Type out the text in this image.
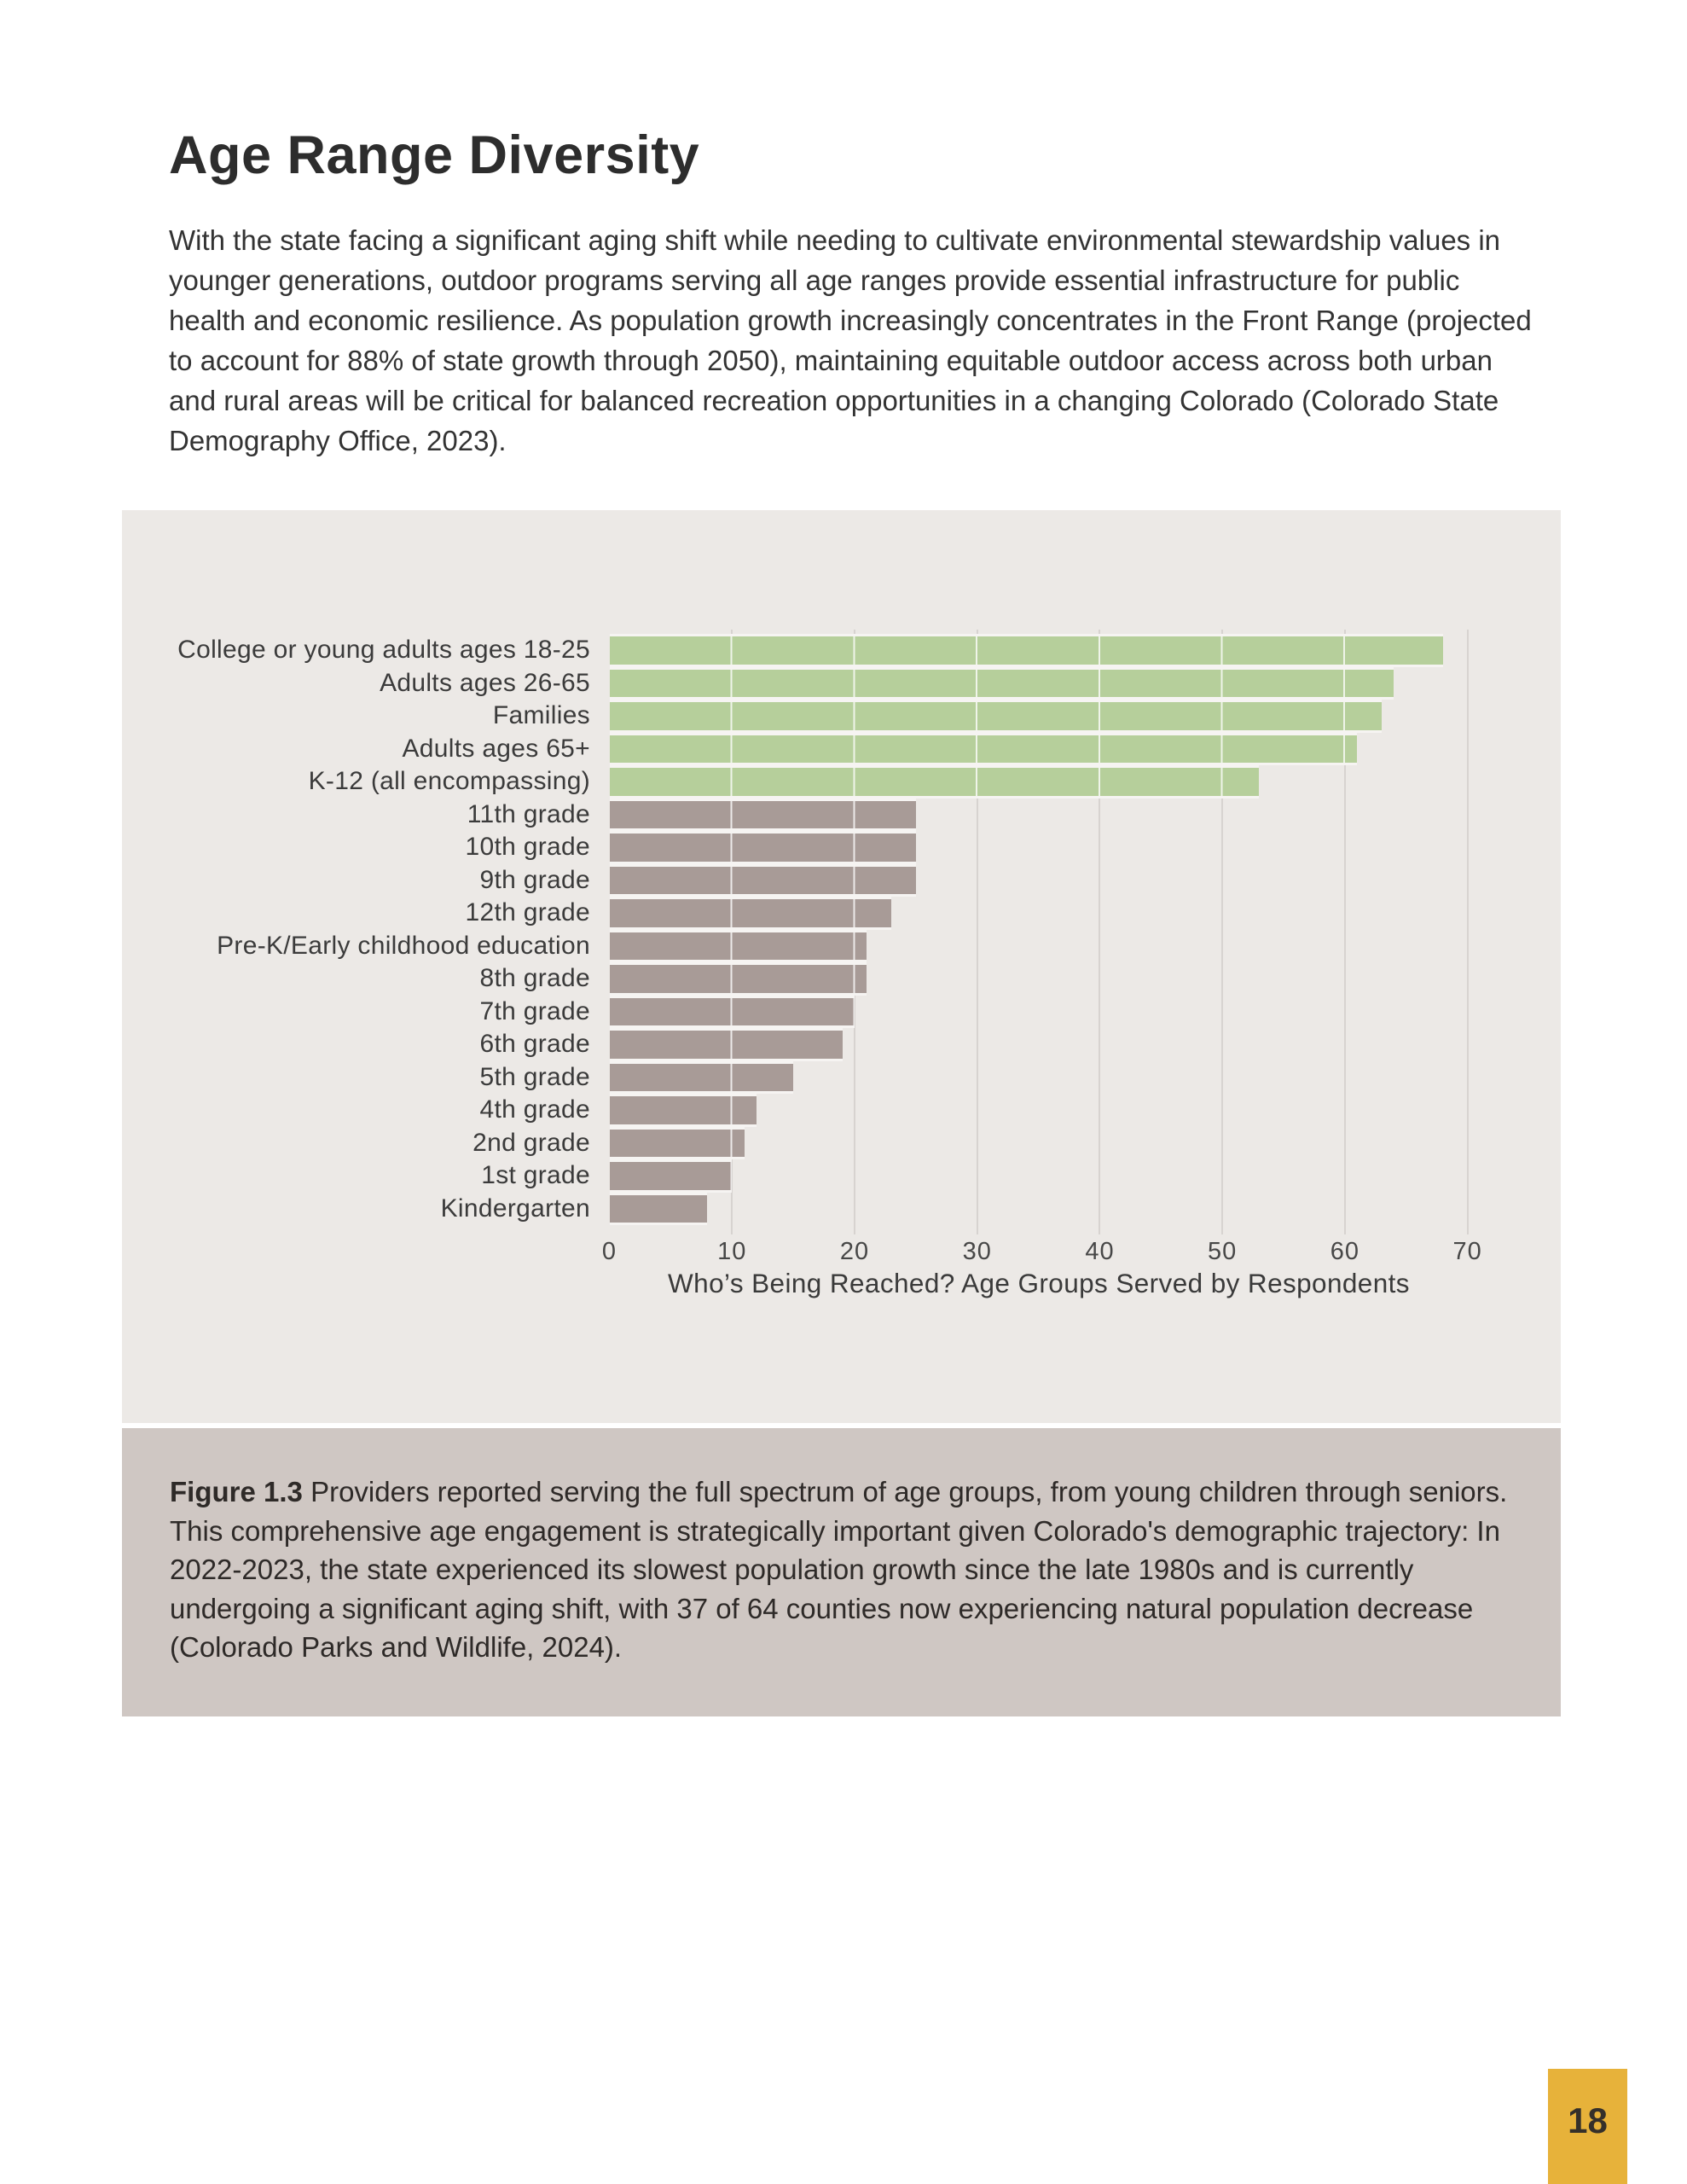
Age Range Diversity

With the state facing a significant aging shift while needing to cultivate environmental stewardship values in younger generations, outdoor programs serving all age ranges provide essential infrastructure for public health and economic resilience. As population growth increasingly concentrates in the Front Range (projected to account for 88% of state growth through 2050), maintaining equitable outdoor access across both urban and rural areas will be critical for balanced recreation opportunities in a changing Colorado (Colorado State Demography Office, 2023).

College or young adults ages 18-25
Adults ages 26-65
Families
Adults ages 65+
K-12 (all encompassing)
11th grade
10th grade
9th grade
12th grade
Pre-K/Early childhood education
8th grade
7th grade
6th grade
5th grade
4th grade
2nd grade
1st grade
Kindergarten
0	10	20	30	40	50	60	70
Who’s Being Reached? Age Groups Served by Respondents

Figure 1.3 Providers reported serving the full spectrum of age groups, from young children through seniors. This comprehensive age engagement is strategically important given Colorado's demographic trajectory: In 2022-2023, the state experienced its slowest population growth since the late 1980s and is currently undergoing a significant aging shift, with 37 of 64 counties now experiencing natural population decrease (Colorado Parks and Wildlife, 2024).

18
